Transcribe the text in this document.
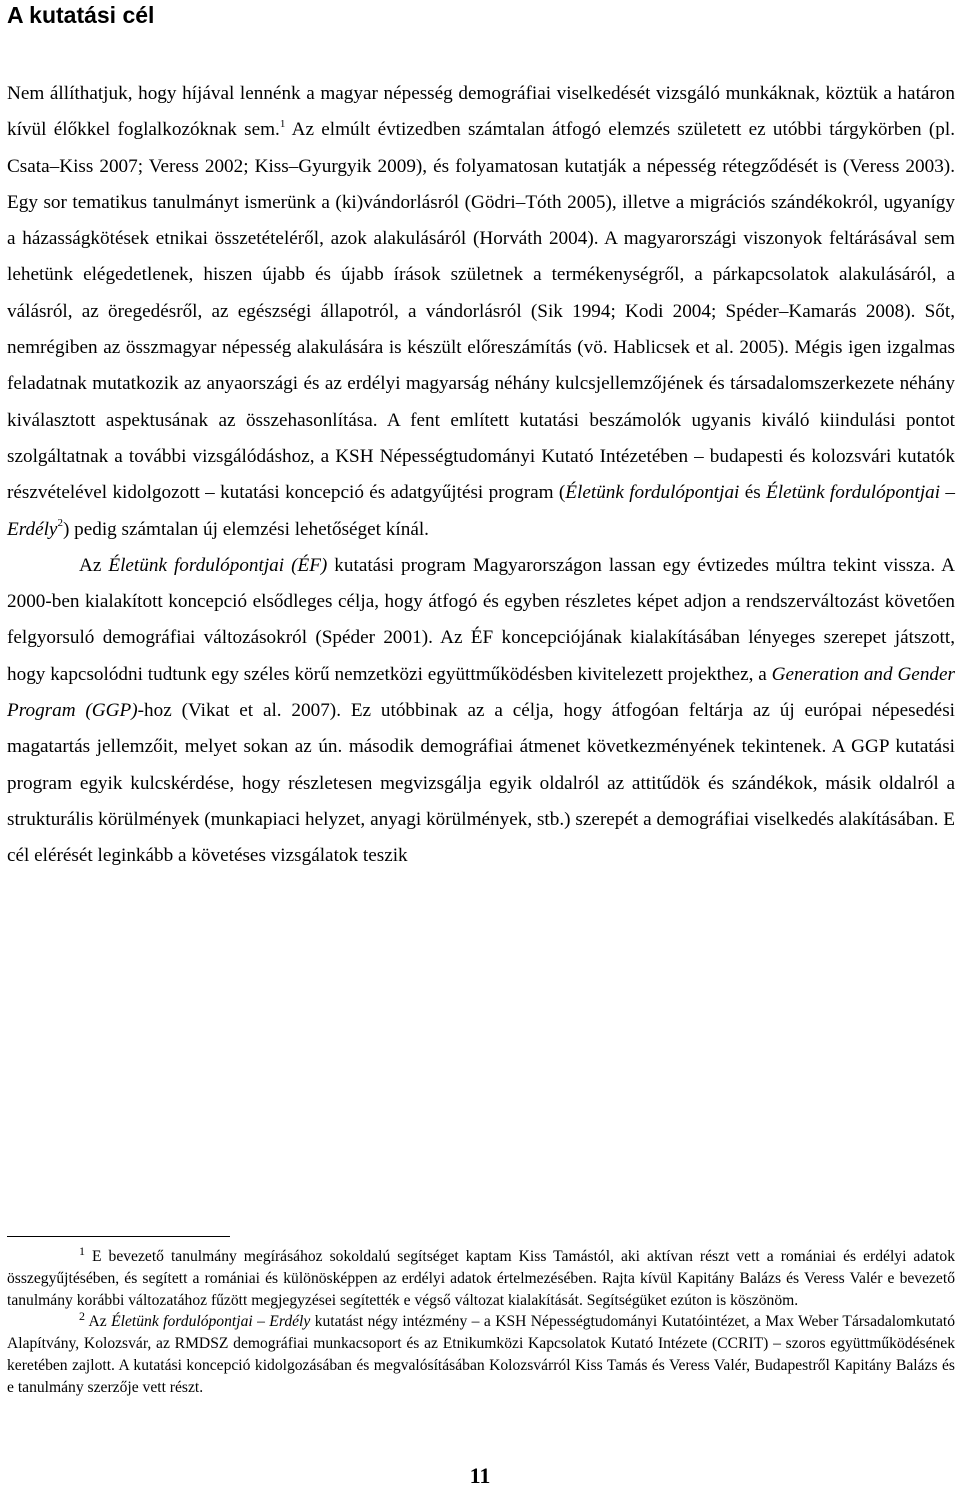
A kutatási cél

Nem állíthatjuk, hogy híjával lennénk a magyar népesség demográfiai viselkedését vizsgáló munkáknak, köztük a határon kívül élőkkel foglalkozóknak sem.$^1$ Az elmúlt évtizedben számtalan átfogó elemzés született ez utóbbi tárgykörben (pl. Csata–Kiss 2007; Veress 2002; Kiss–Gyurgyik 2009), és folyamatosan kutatják a népesség rétegződését is (Veress 2003). Egy sor tematikus tanulmányt ismerünk a (ki)vándorlásról (Gödri–Tóth 2005), illetve a migrációs szándékokról, ugyanígy a házasságkötések etnikai összetételéről, azok alakulásáról (Horváth 2004). A magyarországi viszonyok feltárásával sem lehetünk elégedetlenek, hiszen újabb és újabb írások születnek a termékenységről, a párkapcsolatok alakulásáról, a válásról, az öregedésről, az egészségi állapotról, a vándorlásról (Sik 1994; Kodi 2004; Spéder–Kamarás 2008). Sőt, nemrégiben az összmagyar népesség alakulására is készült előreszámítás (vö. Hablicsek et al. 2005). Mégis igen izgalmas feladatnak mutatkozik az anyaországi és az erdélyi magyarság néhány kulcsjellemzőjének és társadalomszerkezete néhány kiválasztott aspektusának az összehasonlítása. A fent említett kutatási beszámolók ugyanis kiváló kiindulási pontot szolgáltatnak a további vizsgálódáshoz, a KSH Népességtudományi Kutató Intézetében – budapesti és kolozsvári kutatók részvételével kidolgozott – kutatási koncepció és adatgyűjtési program (Életünk fordulópontjai és Életünk fordulópontjai – Erdély$^2$) pedig számtalan új elemzési lehetőséget kínál.

Az Életünk fordulópontjai (ÉF) kutatási program Magyarországon lassan egy évtizedes múltra tekint vissza. A 2000-ben kialakított koncepció elsődleges célja, hogy átfogó és egyben részletes képet adjon a rendszerváltozást követően felgyorsuló demográfiai változásokról (Spéder 2001). Az ÉF koncepciójának kialakításában lényeges szerepet játszott, hogy kapcsolódni tudtunk egy széles körű nemzetközi együttműködésben kivitelezett projekthez, a Generation and Gender Program (GGP)-hoz (Vikat et al. 2007). Ez utóbbinak az a célja, hogy átfogóan feltárja az új európai népesedési magatartás jellemzőit, melyet sokan az ún. második demográfiai átmenet következményének tekintenek. A GGP kutatási program egyik kulcskérdése, hogy részletesen megvizsgálja egyik oldalról az attitűdök és szándékok, másik oldalról a strukturális körülmények (munkapiaci helyzet, anyagi körülmények, stb.) szerepét a demográfiai viselkedés alakításában. E cél elérését leginkább a követéses vizsgálatok teszik

$^1$ E bevezető tanulmány megírásához sokoldalú segítséget kaptam Kiss Tamástól, aki aktívan részt vett a romániai és erdélyi adatok összegyűjtésében, és segített a romániai és különösképpen az erdélyi adatok értelmezésében. Rajta kívül Kapitány Balázs és Veress Valér e bevezető tanulmány korábbi változatához fűzött megjegyzései segítették e végső változat kialakítását. Segítségüket ezúton is köszönöm.

$^2$ Az Életünk fordulópontjai – Erdély kutatást négy intézmény – a KSH Népességtudományi Kutatóintézet, a Max Weber Társadalomkutató Alapítvány, Kolozsvár, az RMDSZ demográfiai munkacsoport és az Etnikumközi Kapcsolatok Kutató Intézete (CCRIT) – szoros együttműködésének keretében zajlott. A kutatási koncepció kidolgozásában és megvalósításában Kolozsvárról Kiss Tamás és Veress Valér, Budapestről Kapitány Balázs és e tanulmány szerzője vett részt.

11
